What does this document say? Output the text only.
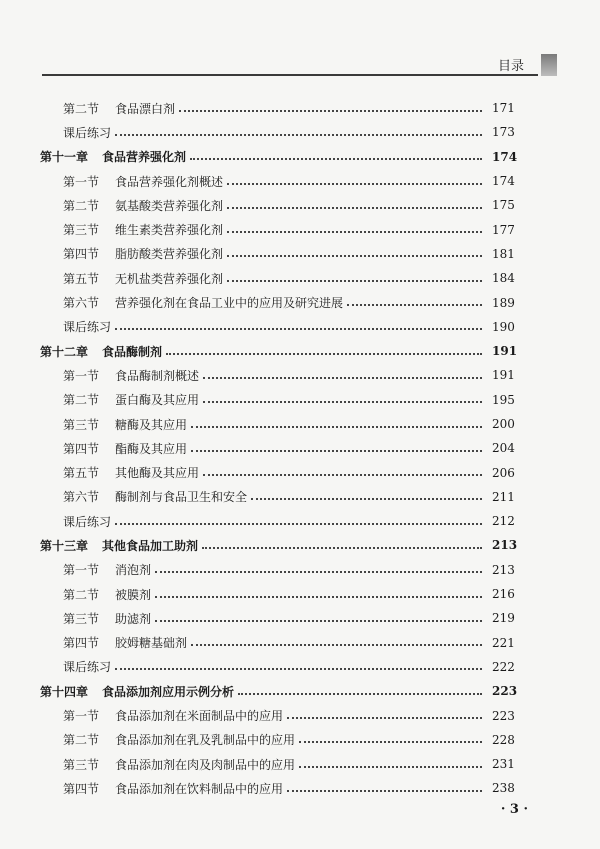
目录
第二节	食品漂白剂	171
课后练习	173
第十一章	食品营养强化剂	174
第一节	食品营养强化剂概述	174
第二节	氨基酸类营养强化剂	175
第三节	维生素类营养强化剂	177
第四节	脂肪酸类营养强化剂	181
第五节	无机盐类营养强化剂	184
第六节	营养强化剂在食品工业中的应用及研究进展	189
课后练习	190
第十二章	食品酶制剂	191
第一节	食品酶制剂概述	191
第二节	蛋白酶及其应用	195
第三节	糖酶及其应用	200
第四节	酯酶及其应用	204
第五节	其他酶及其应用	206
第六节	酶制剂与食品卫生和安全	211
课后练习	212
第十三章	其他食品加工助剂	213
第一节	消泡剂	213
第二节	被膜剂	216
第三节	助滤剂	219
第四节	胶姆糖基础剂	221
课后练习	222
第十四章	食品添加剂应用示例分析	223
第一节	食品添加剂在米面制品中的应用	223
第二节	食品添加剂在乳及乳制品中的应用	228
第三节	食品添加剂在肉及肉制品中的应用	231
第四节	食品添加剂在饮料制品中的应用	238
· 3 ·
